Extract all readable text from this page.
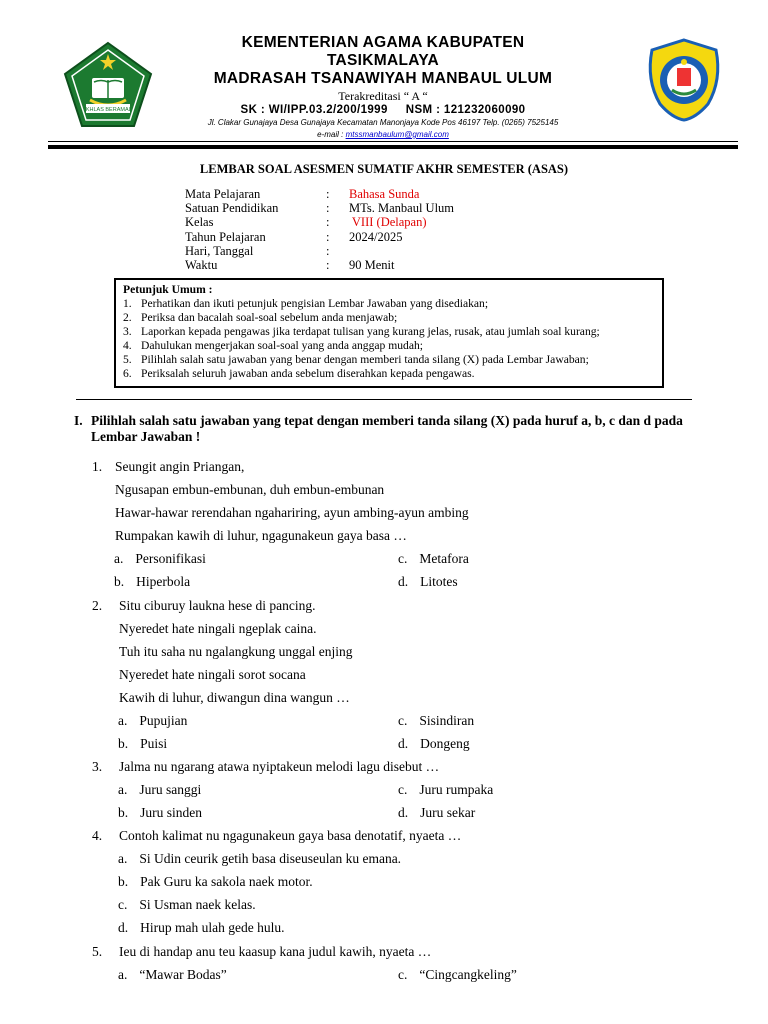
IKHLAS BERAMAL
KEMENTERIAN AGAMA KABUPATEN
TASIKMALAYA
MADRASAH TSANAWIYAH MANBAUL ULUM
Terakreditasi “ A “
SK : WI/IPP.03.2/200/1999     NSM : 121232060090
Jl. Clakar Gunajaya Desa Gunajaya Kecamatan Manonjaya Kode Pos 46197 Telp. (0265) 7525145
e-mail : mtssmanbaulum@gmail.com
LEMBAR SOAL ASESMEN SUMATIF AKHR SEMESTER (ASAS)
Mata Pelajaran	: Bahasa Sunda
Satuan Pendidikan	: MTs. Manbaul Ulum
Kelas	: VIII (Delapan)
Tahun Pelajaran	: 2024/2025
Hari, Tanggal	:
Waktu	: 90 Menit
Petunjuk Umum :
1. Perhatikan dan ikuti petunjuk pengisian Lembar Jawaban yang disediakan;
2. Periksa dan bacalah soal-soal sebelum anda menjawab;
3. Laporkan kepada pengawas jika terdapat tulisan yang kurang jelas, rusak, atau jumlah soal kurang;
4. Dahulukan mengerjakan soal-soal yang anda anggap mudah;
5. Pilihlah salah satu jawaban yang benar dengan memberi tanda silang (X) pada Lembar Jawaban;
6. Periksalah seluruh jawaban anda sebelum diserahkan kepada pengawas.
I. Pilihlah salah satu jawaban yang tepat dengan memberi tanda silang (X) pada huruf a, b, c dan d pada Lembar Jawaban !
1. Seungit angin Priangan,
Ngusapan embun-embunan, duh embun-embunan
Hawar-hawar rerendahan ngahariring, ayun ambing-ayun ambing
Rumpakan kawih di luhur, ngagunakeun gaya basa …
a. Personifikasi
b. Hiperbola
c. Metafora
d. Litotes
2. Situ ciburuy laukna hese di pancing.
Nyeredet hate ningali ngeplak caina.
Tuh itu saha nu ngalangkung unggal enjing
Nyeredet hate ningali sorot socana
Kawih di luhur, diwangun dina wangun …
a. Pupujian
b. Puisi
c. Sisindiran
d. Dongeng
3. Jalma nu ngarang atawa nyiptakeun melodi lagu disebut …
a. Juru sanggi
b. Juru sinden
c. Juru rumpaka
d. Juru sekar
4. Contoh kalimat nu ngagunakeun gaya basa denotatif, nyaeta …
a. Si Udin ceurik getih basa diseuseulan ku emana.
b. Pak Guru ka sakola naek motor.
c. Si Usman naek kelas.
d. Hirup mah ulah gede hulu.
5. Ieu di handap anu teu kaasup kana judul kawih, nyaeta …
a. “Mawar Bodas”	c. “Cingcangkeling”
